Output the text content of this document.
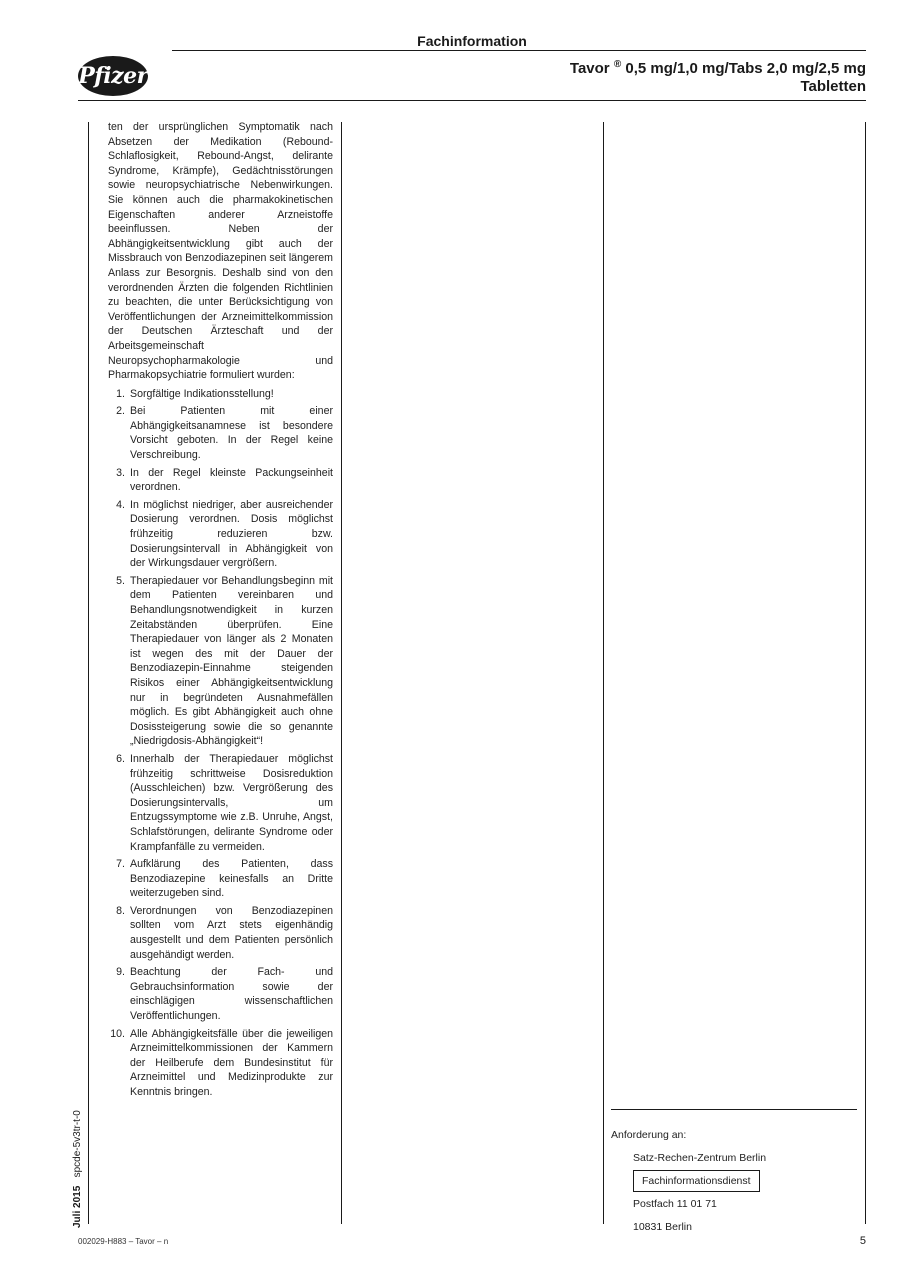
Fachinformation
Pfizer	Tavor ® 0,5 mg/1,0 mg/Tabs 2,0 mg/2,5 mg
Tabletten

ten der ursprünglichen Symptomatik nach Absetzen der Medikation (Rebound-Schlaflosigkeit, Rebound-Angst, delirante Syndrome, Krämpfe), Gedächtnisstörungen sowie neuropsychiatrische Nebenwirkungen. Sie können auch die pharmakokinetischen Eigenschaften anderer Arzneistoffe beeinflussen. Neben der Abhängigkeitsentwicklung gibt auch der Missbrauch von Benzodiazepinen seit längerem Anlass zur Besorgnis. Deshalb sind von den verordnenden Ärzten die folgenden Richtlinien zu beachten, die unter Berücksichtigung von Veröffentlichungen der Arzneimittelkommission der Deutschen Ärzteschaft und der Arbeitsgemeinschaft Neuropsychopharmakologie und Pharmakopsychiatrie formuliert wurden:

1. Sorgfältige Indikationsstellung!
2. Bei Patienten mit einer Abhängigkeitsanamnese ist besondere Vorsicht geboten. In der Regel keine Verschreibung.
3. In der Regel kleinste Packungseinheit verordnen.
4. In möglichst niedriger, aber ausreichender Dosierung verordnen. Dosis möglichst frühzeitig reduzieren bzw. Dosierungsintervall in Abhängigkeit von der Wirkungsdauer vergrößern.
5. Therapiedauer vor Behandlungsbeginn mit dem Patienten vereinbaren und Behandlungsnotwendigkeit in kurzen Zeitabständen überprüfen. Eine Therapiedauer von länger als 2 Monaten ist wegen des mit der Dauer der Benzodiazepin-Einnahme steigenden Risikos einer Abhängigkeitsentwicklung nur in begründeten Ausnahmefällen möglich. Es gibt Abhängigkeit auch ohne Dosissteigerung sowie die so genannte „Niedrigdosis-Abhängigkeit“!
6. Innerhalb der Therapiedauer möglichst frühzeitig schrittweise Dosisreduktion (Ausschleichen) bzw. Vergrößerung des Dosierungsintervalls, um Entzugssymptome wie z.B. Unruhe, Angst, Schlafstörungen, delirante Syndrome oder Krampfanfälle zu vermeiden.
7. Aufklärung des Patienten, dass Benzodiazepine keinesfalls an Dritte weiterzugeben sind.
8. Verordnungen von Benzodiazepinen sollten vom Arzt stets eigenhändig ausgestellt und dem Patienten persönlich ausgehändigt werden.
9. Beachtung der Fach- und Gebrauchsinformation sowie der einschlägigen wissenschaftlichen Veröffentlichungen.
10. Alle Abhängigkeitsfälle über die jeweiligen Arzneimittelkommissionen der Kammern der Heilberufe dem Bundesinstitut für Arzneimittel und Medizinprodukte zur Kenntnis bringen.
Anforderung an:
Satz-Rechen-Zentrum Berlin
Fachinformationsdienst
Postfach 11 01 71
10831 Berlin
Juli 2015   spcde-5v3tr-t-0
002029-H883 – Tavor – n	5
